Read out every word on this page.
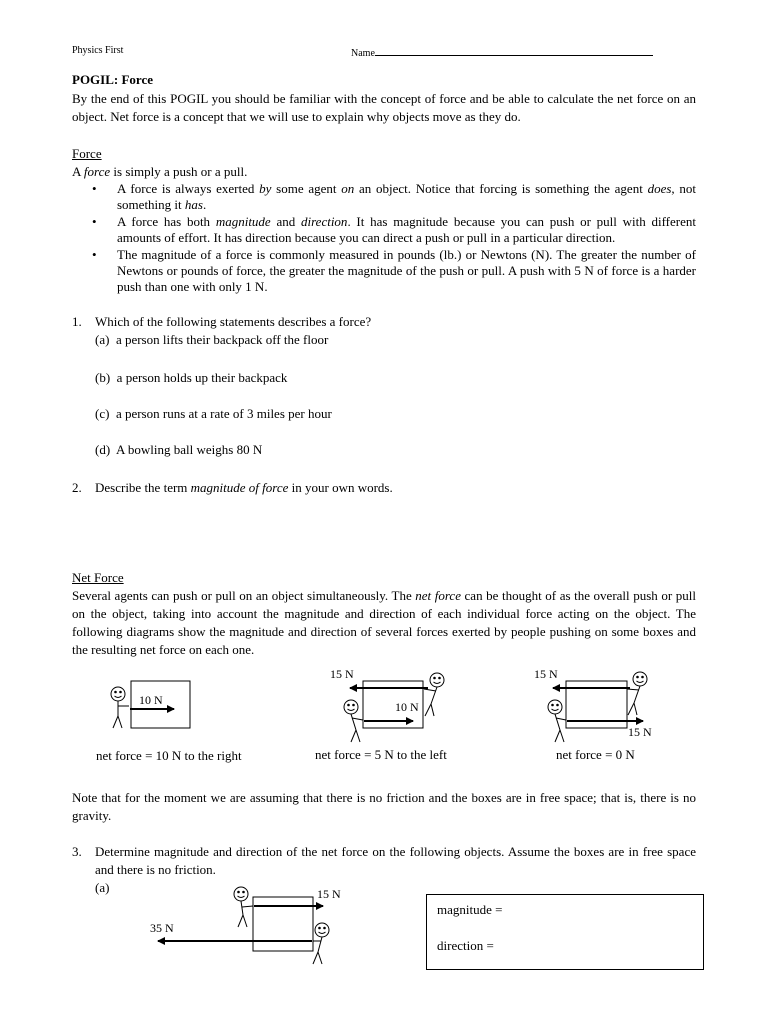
Physics First	Name
POGIL: Force
By the end of this POGIL you should be familiar with the concept of force and be able to calculate the net force on an object. Net force is a concept that we will use to explain why objects move as they do.
Force
A force is simply a push or a pull.
• A force is always exerted by some agent on an object. Notice that forcing is something the agent does, not something it has.
• A force has both magnitude and direction. It has magnitude because you can push or pull with different amounts of effort. It has direction because you can direct a push or pull in a particular direction.
• The magnitude of a force is commonly measured in pounds (lb.) or Newtons (N). The greater the number of Newtons or pounds of force, the greater the magnitude of the push or pull. A push with 5 N of force is a harder push than one with only 1 N.
1. Which of the following statements describes a force?
(a) a person lifts their backpack off the floor
(b) a person holds up their backpack
(c) a person runs at a rate of 3 miles per hour
(d) A bowling ball weighs 80 N
2. Describe the term magnitude of force in your own words.
Net Force
Several agents can push or pull on an object simultaneously. The net force can be thought of as the overall push or pull on the object, taking into account the magnitude and direction of each individual force acting on the object. The following diagrams show the magnitude and direction of several forces exerted by people pushing on some boxes and the resulting net force on each one.
10 N
15 N
10 N
15 N
15 N
net force = 10 N to the right	net force = 5 N to the left	net force = 0 N
Note that for the moment we are assuming that there is no friction and the boxes are in free space; that is, there is no gravity.
3. Determine magnitude and direction of the net force on the following objects. Assume the boxes are in free space and there is no friction.
(a)	15 N
35 N
magnitude =
direction =
